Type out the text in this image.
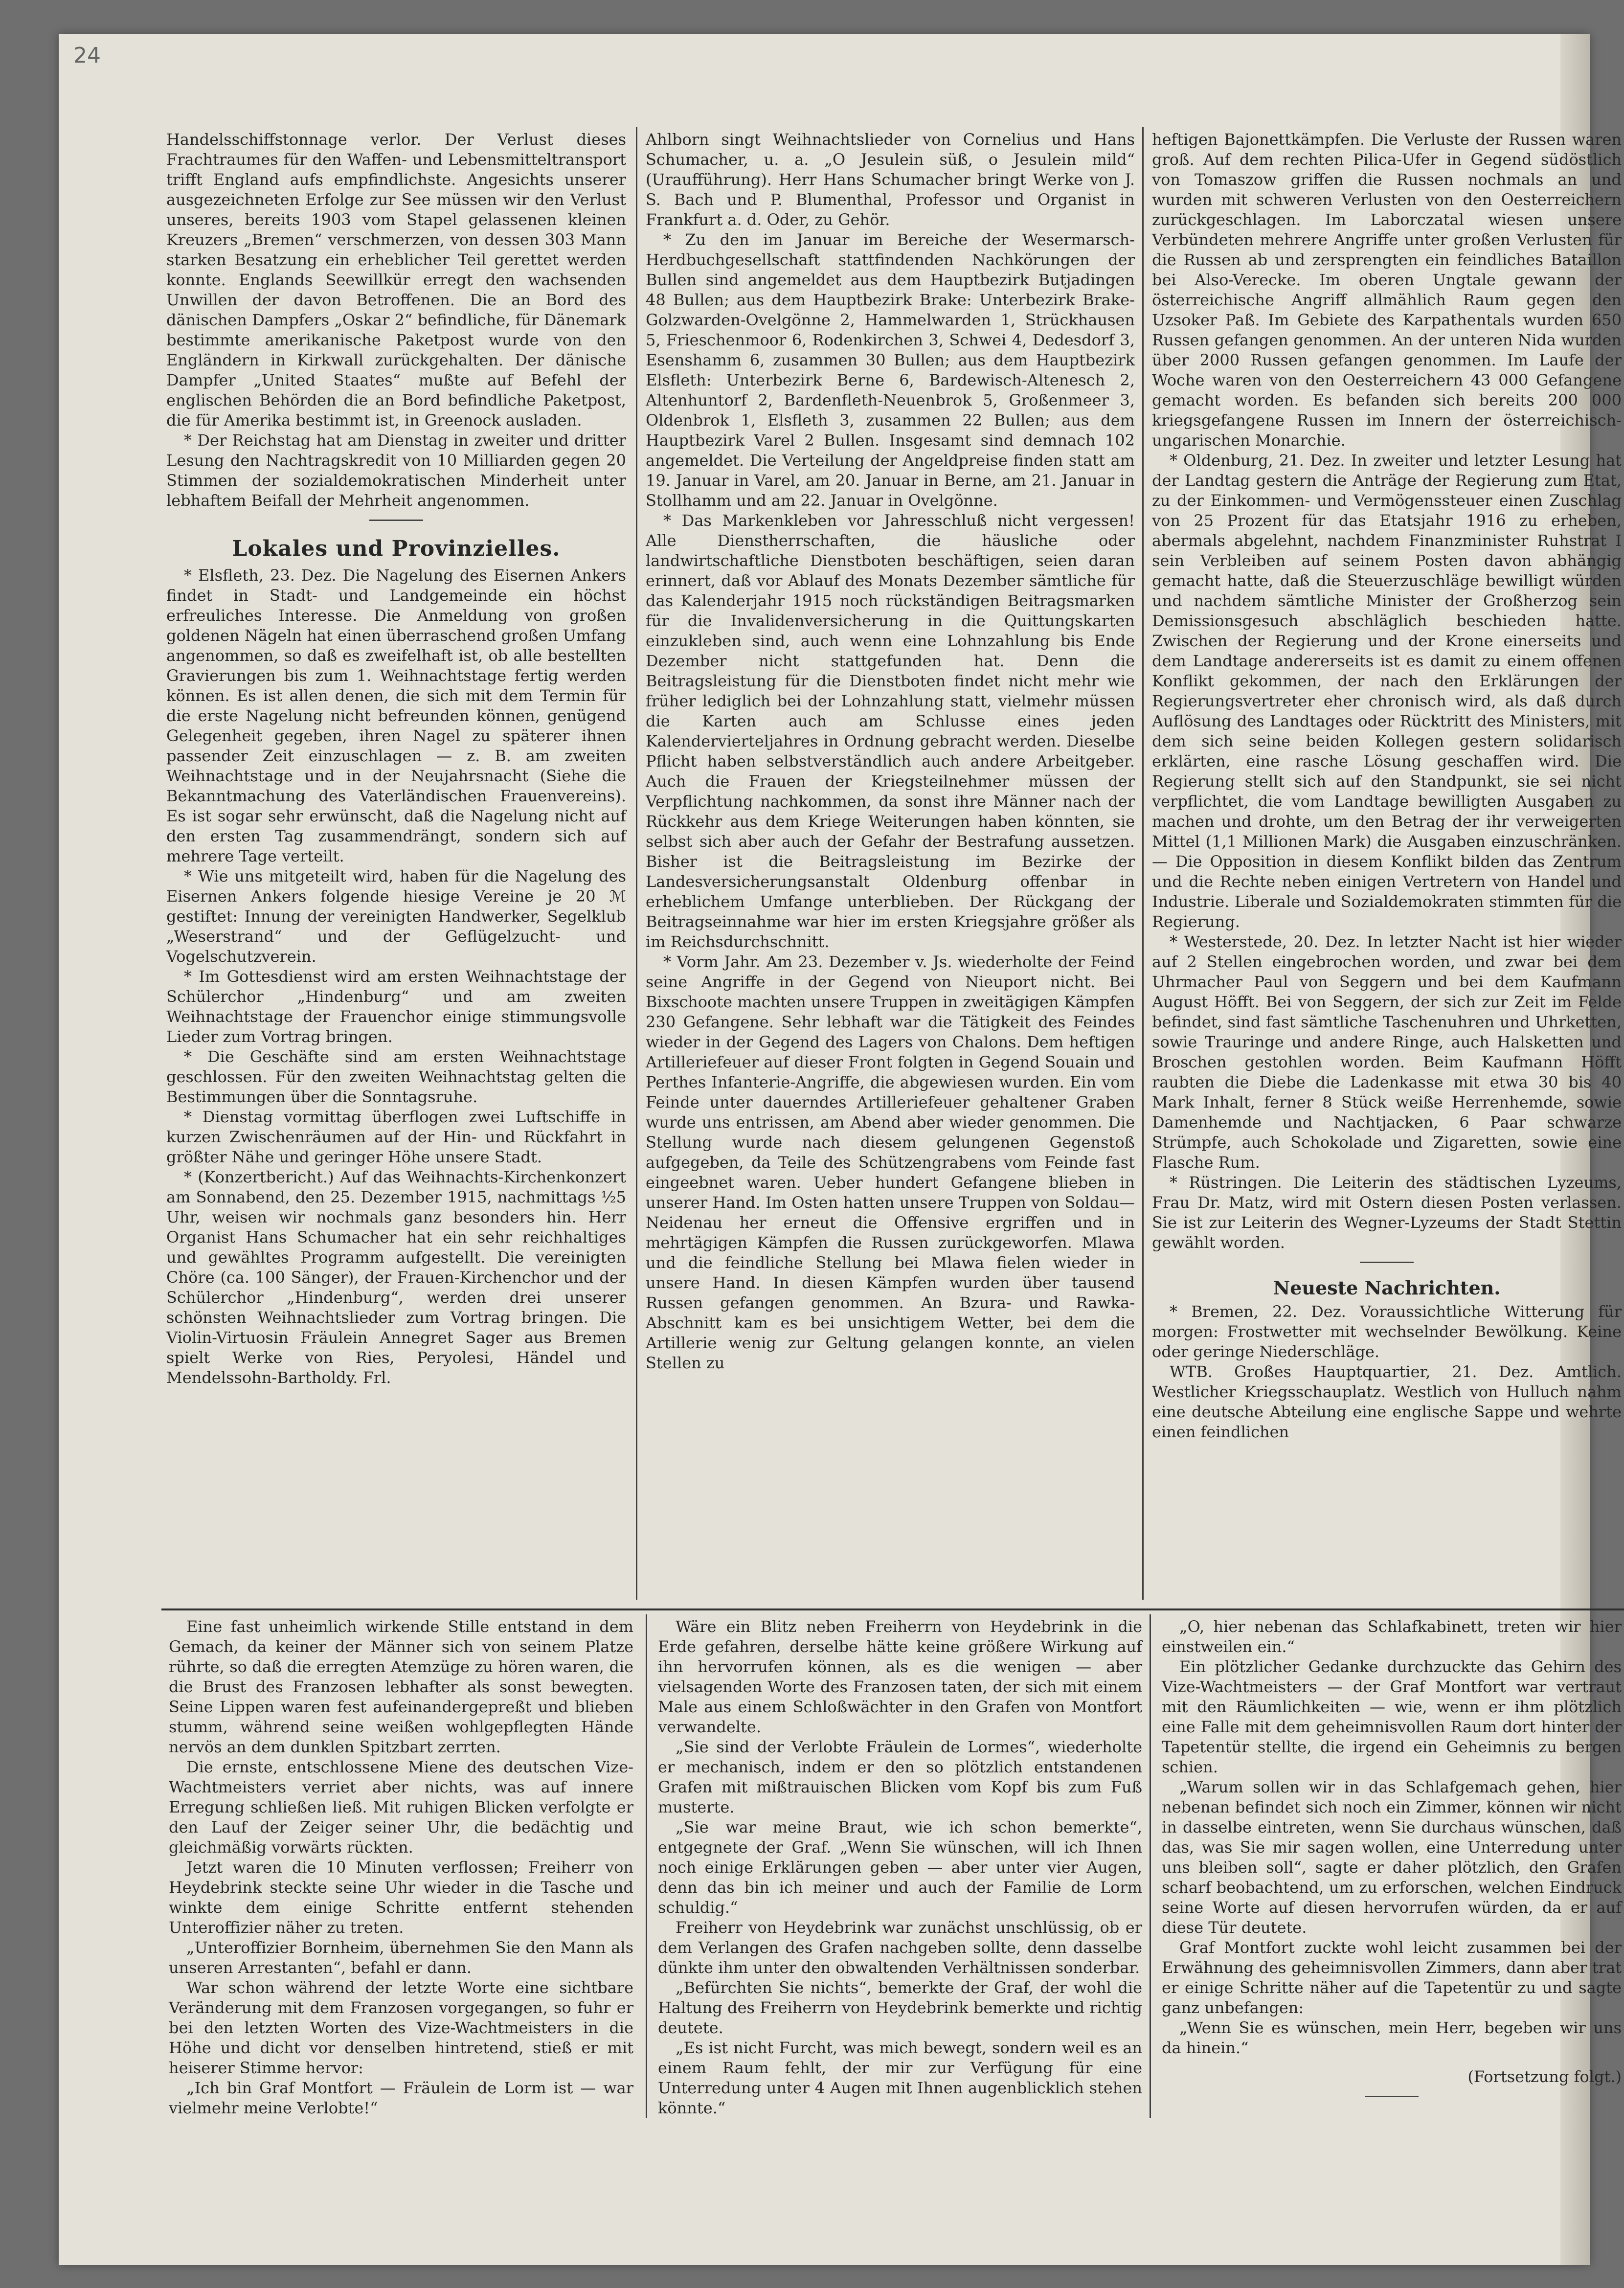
24

Handelsschiffstonnage verlor. Der Verlust dieses Frachtraumes für den Waffen- und Lebensmitteltransport trifft England aufs empfindlichste. Angesichts unserer ausgezeichneten Erfolge zur See müssen wir den Verlust unseres, bereits 1903 vom Stapel gelassenen kleinen Kreuzers „Bremen“ verschmerzen, von dessen 303 Mann starken Besatzung ein erheblicher Teil gerettet werden konnte. Englands Seewillkür erregt den wachsenden Unwillen der davon Betroffenen. Die an Bord des dänischen Dampfers „Oskar 2“ befindliche, für Dänemark bestimmte amerikanische Paketpost wurde von den Engländern in Kirkwall zurückgehalten. Der dänische Dampfer „United Staates“ mußte auf Befehl der englischen Behörden die an Bord befindliche Paketpost, die für Amerika bestimmt ist, in Greenock ausladen.

* Der Reichstag hat am Dienstag in zweiter und dritter Lesung den Nachtragskredit von 10 Milliarden gegen 20 Stimmen der sozialdemokratischen Minderheit unter lebhaftem Beifall der Mehrheit angenommen.

Lokales und Provinzielles.

* Elsfleth, 23. Dez. Die Nagelung des Eisernen Ankers findet in Stadt- und Landgemeinde ein höchst erfreuliches Interesse. Die Anmeldung von großen goldenen Nägeln hat einen überraschend großen Umfang angenommen, so daß es zweifelhaft ist, ob alle bestellten Gravierungen bis zum 1. Weihnachtstage fertig werden können. Es ist allen denen, die sich mit dem Termin für die erste Nagelung nicht befreunden können, genügend Gelegenheit gegeben, ihren Nagel zu späterer ihnen passender Zeit einzuschlagen — z. B. am zweiten Weihnachtstage und in der Neujahrsnacht (Siehe die Bekanntmachung des Vaterländischen Frauenvereins). Es ist sogar sehr erwünscht, daß die Nagelung nicht auf den ersten Tag zusammendrängt, sondern sich auf mehrere Tage verteilt.

* Wie uns mitgeteilt wird, haben für die Nagelung des Eisernen Ankers folgende hiesige Vereine je 20 ℳ gestiftet: Innung der vereinigten Handwerker, Segelklub „Weserstrand“ und der Geflügelzucht- und Vogelschutzverein.

* Im Gottesdienst wird am ersten Weihnachtstage der Schülerchor „Hindenburg“ und am zweiten Weihnachtstage der Frauenchor einige stimmungsvolle Lieder zum Vortrag bringen.

* Die Geschäfte sind am ersten Weihnachtstage geschlossen. Für den zweiten Weihnachtstag gelten die Bestimmungen über die Sonntagsruhe.

* Dienstag vormittag überflogen zwei Luftschiffe in kurzen Zwischenräumen auf der Hin- und Rückfahrt in größter Nähe und geringer Höhe unsere Stadt.

* (Konzertbericht.) Auf das Weihnachts-Kirchenkonzert am Sonnabend, den 25. Dezember 1915, nachmittags ½5 Uhr, weisen wir nochmals ganz besonders hin. Herr Organist Hans Schumacher hat ein sehr reichhaltiges und gewähltes Programm aufgestellt. Die vereinigten Chöre (ca. 100 Sänger), der Frauen-Kirchenchor und der Schülerchor „Hindenburg“, werden drei unserer schönsten Weihnachtslieder zum Vortrag bringen. Die Violin-Virtuosin Fräulein Annegret Sager aus Bremen spielt Werke von Ries, Peryolesi, Händel und Mendelssohn-Bartholdy. Frl.

Ahlborn singt Weihnachtslieder von Cornelius und Hans Schumacher, u. a. „O Jesulein süß, o Jesulein mild“ (Uraufführung). Herr Hans Schumacher bringt Werke von J. S. Bach und P. Blumenthal, Professor und Organist in Frankfurt a. d. Oder, zu Gehör.

* Zu den im Januar im Bereiche der Wesermarsch-Herdbuchgesellschaft stattfindenden Nachkörungen der Bullen sind angemeldet aus dem Hauptbezirk Butjadingen 48 Bullen; aus dem Hauptbezirk Brake: Unterbezirk Brake-Golzwarden-Ovelgönne 2, Hammelwarden 1, Strückhausen 5, Frieschenmoor 6, Rodenkirchen 3, Schwei 4, Dedesdorf 3, Esenshamm 6, zusammen 30 Bullen; aus dem Hauptbezirk Elsfleth: Unterbezirk Berne 6, Bardewisch-Altenesch 2, Altenhuntorf 2, Bardenfleth-Neuenbrok 5, Großenmeer 3, Oldenbrok 1, Elsfleth 3, zusammen 22 Bullen; aus dem Hauptbezirk Varel 2 Bullen. Insgesamt sind demnach 102 angemeldet. Die Verteilung der Angeldpreise finden statt am 19. Januar in Varel, am 20. Januar in Berne, am 21. Januar in Stollhamm und am 22. Januar in Ovelgönne.

* Das Markenkleben vor Jahresschluß nicht vergessen! Alle Dienstherrschaften, die häusliche oder landwirtschaftliche Dienstboten beschäftigen, seien daran erinnert, daß vor Ablauf des Monats Dezember sämtliche für das Kalenderjahr 1915 noch rückständigen Beitragsmarken für die Invalidenversicherung in die Quittungskarten einzukleben sind, auch wenn eine Lohnzahlung bis Ende Dezember nicht stattgefunden hat. Denn die Beitragsleistung für die Dienstboten findet nicht mehr wie früher lediglich bei der Lohnzahlung statt, vielmehr müssen die Karten auch am Schlusse eines jeden Kalendervierteljahres in Ordnung gebracht werden. Dieselbe Pflicht haben selbstverständlich auch andere Arbeitgeber. Auch die Frauen der Kriegsteilnehmer müssen der Verpflichtung nachkommen, da sonst ihre Männer nach der Rückkehr aus dem Kriege Weiterungen haben könnten, sie selbst sich aber auch der Gefahr der Bestrafung aussetzen. Bisher ist die Beitragsleistung im Bezirke der Landesversicherungsanstalt Oldenburg offenbar in erheblichem Umfange unterblieben. Der Rückgang der Beitragseinnahme war hier im ersten Kriegsjahre größer als im Reichsdurchschnitt.

* Vorm Jahr. Am 23. Dezember v. Js. wiederholte der Feind seine Angriffe in der Gegend von Nieuport nicht. Bei Bixschoote machten unsere Truppen in zweitägigen Kämpfen 230 Gefangene. Sehr lebhaft war die Tätigkeit des Feindes wieder in der Gegend des Lagers von Chalons. Dem heftigen Artilleriefeuer auf dieser Front folgten in Gegend Souain und Perthes Infanterie-Angriffe, die abgewiesen wurden. Ein vom Feinde unter dauerndes Artilleriefeuer gehaltener Graben wurde uns entrissen, am Abend aber wieder genommen. Die Stellung wurde nach diesem gelungenen Gegenstoß aufgegeben, da Teile des Schützengrabens vom Feinde fast eingeebnet waren. Ueber hundert Gefangene blieben in unserer Hand. Im Osten hatten unsere Truppen von Soldau—Neidenau her erneut die Offensive ergriffen und in mehrtägigen Kämpfen die Russen zurückgeworfen. Mlawa und die feindliche Stellung bei Mlawa fielen wieder in unsere Hand. In diesen Kämpfen wurden über tausend Russen gefangen genommen. An Bzura- und Rawka-Abschnitt kam es bei unsichtigem Wetter, bei dem die Artillerie wenig zur Geltung gelangen konnte, an vielen Stellen zu

heftigen Bajonettkämpfen. Die Verluste der Russen waren groß. Auf dem rechten Pilica-Ufer in Gegend südöstlich von Tomaszow griffen die Russen nochmals an und wurden mit schweren Verlusten von den Oesterreichern zurückgeschlagen. Im Laborczatal wiesen unsere Verbündeten mehrere Angriffe unter großen Verlusten für die Russen ab und zersprengten ein feindliches Bataillon bei Also-Verecke. Im oberen Ungtale gewann der österreichische Angriff allmählich Raum gegen den Uzsoker Paß. Im Gebiete des Karpathentals wurden 650 Russen gefangen genommen. An der unteren Nida wurden über 2000 Russen gefangen genommen. Im Laufe der Woche waren von den Oesterreichern 43 000 Gefangene gemacht worden. Es befanden sich bereits 200 000 kriegsgefangene Russen im Innern der österreichisch-ungarischen Monarchie.

* Oldenburg, 21. Dez. In zweiter und letzter Lesung hat der Landtag gestern die Anträge der Regierung zum Etat, zu der Einkommen- und Vermögenssteuer einen Zuschlag von 25 Prozent für das Etatsjahr 1916 zu erheben, abermals abgelehnt, nachdem Finanzminister Ruhstrat I sein Verbleiben auf seinem Posten davon abhängig gemacht hatte, daß die Steuerzuschläge bewilligt würden und nachdem sämtliche Minister der Großherzog sein Demissionsgesuch abschläglich beschieden hatte. Zwischen der Regierung und der Krone einerseits und dem Landtage andererseits ist es damit zu einem offenen Konflikt gekommen, der nach den Erklärungen der Regierungsvertreter eher chronisch wird, als daß durch Auflösung des Landtages oder Rücktritt des Ministers, mit dem sich seine beiden Kollegen gestern solidarisch erklärten, eine rasche Lösung geschaffen wird. Die Regierung stellt sich auf den Standpunkt, sie sei nicht verpflichtet, die vom Landtage bewilligten Ausgaben zu machen und drohte, um den Betrag der ihr verweigerten Mittel (1,1 Millionen Mark) die Ausgaben einzuschränken. — Die Opposition in diesem Konflikt bilden das Zentrum und die Rechte neben einigen Vertretern von Handel und Industrie. Liberale und Sozialdemokraten stimmten für die Regierung.

* Westerstede, 20. Dez. In letzter Nacht ist hier wieder auf 2 Stellen eingebrochen worden, und zwar bei dem Uhrmacher Paul von Seggern und bei dem Kaufmann August Höfft. Bei von Seggern, der sich zur Zeit im Felde befindet, sind fast sämtliche Taschenuhren und Uhrketten, sowie Trauringe und andere Ringe, auch Halsketten und Broschen gestohlen worden. Beim Kaufmann Höfft raubten die Diebe die Ladenkasse mit etwa 30 bis 40 Mark Inhalt, ferner 8 Stück weiße Herrenhemde, sowie Damenhemde und Nachtjacken, 6 Paar schwarze Strümpfe, auch Schokolade und Zigaretten, sowie eine Flasche Rum.

* Rüstringen. Die Leiterin des städtischen Lyzeums, Frau Dr. Matz, wird mit Ostern diesen Posten verlassen. Sie ist zur Leiterin des Wegner-Lyzeums der Stadt Stettin gewählt worden.

Neueste Nachrichten.

* Bremen, 22. Dez. Voraussichtliche Witterung für morgen: Frostwetter mit wechselnder Bewölkung. Keine oder geringe Niederschläge.

WTB. Großes Hauptquartier, 21. Dez. Amtlich. Westlicher Kriegsschauplatz. Westlich von Hulluch nahm eine deutsche Abteilung eine englische Sappe und wehrte einen feindlichen

Eine fast unheimlich wirkende Stille entstand in dem Gemach, da keiner der Männer sich von seinem Platze rührte, so daß die erregten Atemzüge zu hören waren, die die Brust des Franzosen lebhafter als sonst bewegten. Seine Lippen waren fest aufeinandergepreßt und blieben stumm, während seine weißen wohlgepflegten Hände nervös an dem dunklen Spitzbart zerrten.

Die ernste, entschlossene Miene des deutschen Vize-Wachtmeisters verriet aber nichts, was auf innere Erregung schließen ließ. Mit ruhigen Blicken verfolgte er den Lauf der Zeiger seiner Uhr, die bedächtig und gleichmäßig vorwärts rückten.

Jetzt waren die 10 Minuten verflossen; Freiherr von Heydebrink steckte seine Uhr wieder in die Tasche und winkte dem einige Schritte entfernt stehenden Unteroffizier näher zu treten.

„Unteroffizier Bornheim, übernehmen Sie den Mann als unseren Arrestanten“, befahl er dann.

War schon während der letzte Worte eine sichtbare Veränderung mit dem Franzosen vorgegangen, so fuhr er bei den letzten Worten des Vize-Wachtmeisters in die Höhe und dicht vor denselben hintretend, stieß er mit heiserer Stimme hervor:

„Ich bin Graf Montfort — Fräulein de Lorm ist — war vielmehr meine Verlobte!“

Wäre ein Blitz neben Freiherrn von Heydebrink in die Erde gefahren, derselbe hätte keine größere Wirkung auf ihn hervorrufen können, als es die wenigen — aber vielsagenden Worte des Franzosen taten, der sich mit einem Male aus einem Schloßwächter in den Grafen von Montfort verwandelte.

„Sie sind der Verlobte Fräulein de Lormes“, wiederholte er mechanisch, indem er den so plötzlich entstandenen Grafen mit mißtrauischen Blicken vom Kopf bis zum Fuß musterte.

„Sie war meine Braut, wie ich schon bemerkte“, entgegnete der Graf. „Wenn Sie wünschen, will ich Ihnen noch einige Erklärungen geben — aber unter vier Augen, denn das bin ich meiner und auch der Familie de Lorm schuldig.“

Freiherr von Heydebrink war zunächst unschlüssig, ob er dem Verlangen des Grafen nachgeben sollte, denn dasselbe dünkte ihm unter den obwaltenden Verhältnissen sonderbar.

„Befürchten Sie nichts“, bemerkte der Graf, der wohl die Haltung des Freiherrn von Heydebrink bemerkte und richtig deutete.

„Es ist nicht Furcht, was mich bewegt, sondern weil es an einem Raum fehlt, der mir zur Verfügung für eine Unterredung unter 4 Augen mit Ihnen augenblicklich stehen könnte.“

„O, hier nebenan das Schlafkabinett, treten wir hier einstweilen ein.“

Ein plötzlicher Gedanke durchzuckte das Gehirn des Vize-Wachtmeisters — der Graf Montfort war vertraut mit den Räumlichkeiten — wie, wenn er ihm plötzlich eine Falle mit dem geheimnisvollen Raum dort hinter der Tapetentür stellte, die irgend ein Geheimnis zu bergen schien.

„Warum sollen wir in das Schlafgemach gehen, hier nebenan befindet sich noch ein Zimmer, können wir nicht in dasselbe eintreten, wenn Sie durchaus wünschen, daß das, was Sie mir sagen wollen, eine Unterredung unter uns bleiben soll“, sagte er daher plötzlich, den Grafen scharf beobachtend, um zu erforschen, welchen Eindruck seine Worte auf diesen hervorrufen würden, da er auf diese Tür deutete.

Graf Montfort zuckte wohl leicht zusammen bei der Erwähnung des geheimnisvollen Zimmers, dann aber trat er einige Schritte näher auf die Tapetentür zu und sagte ganz unbefangen:

„Wenn Sie es wünschen, mein Herr, begeben wir uns da hinein.“

(Fortsetzung folgt.)
